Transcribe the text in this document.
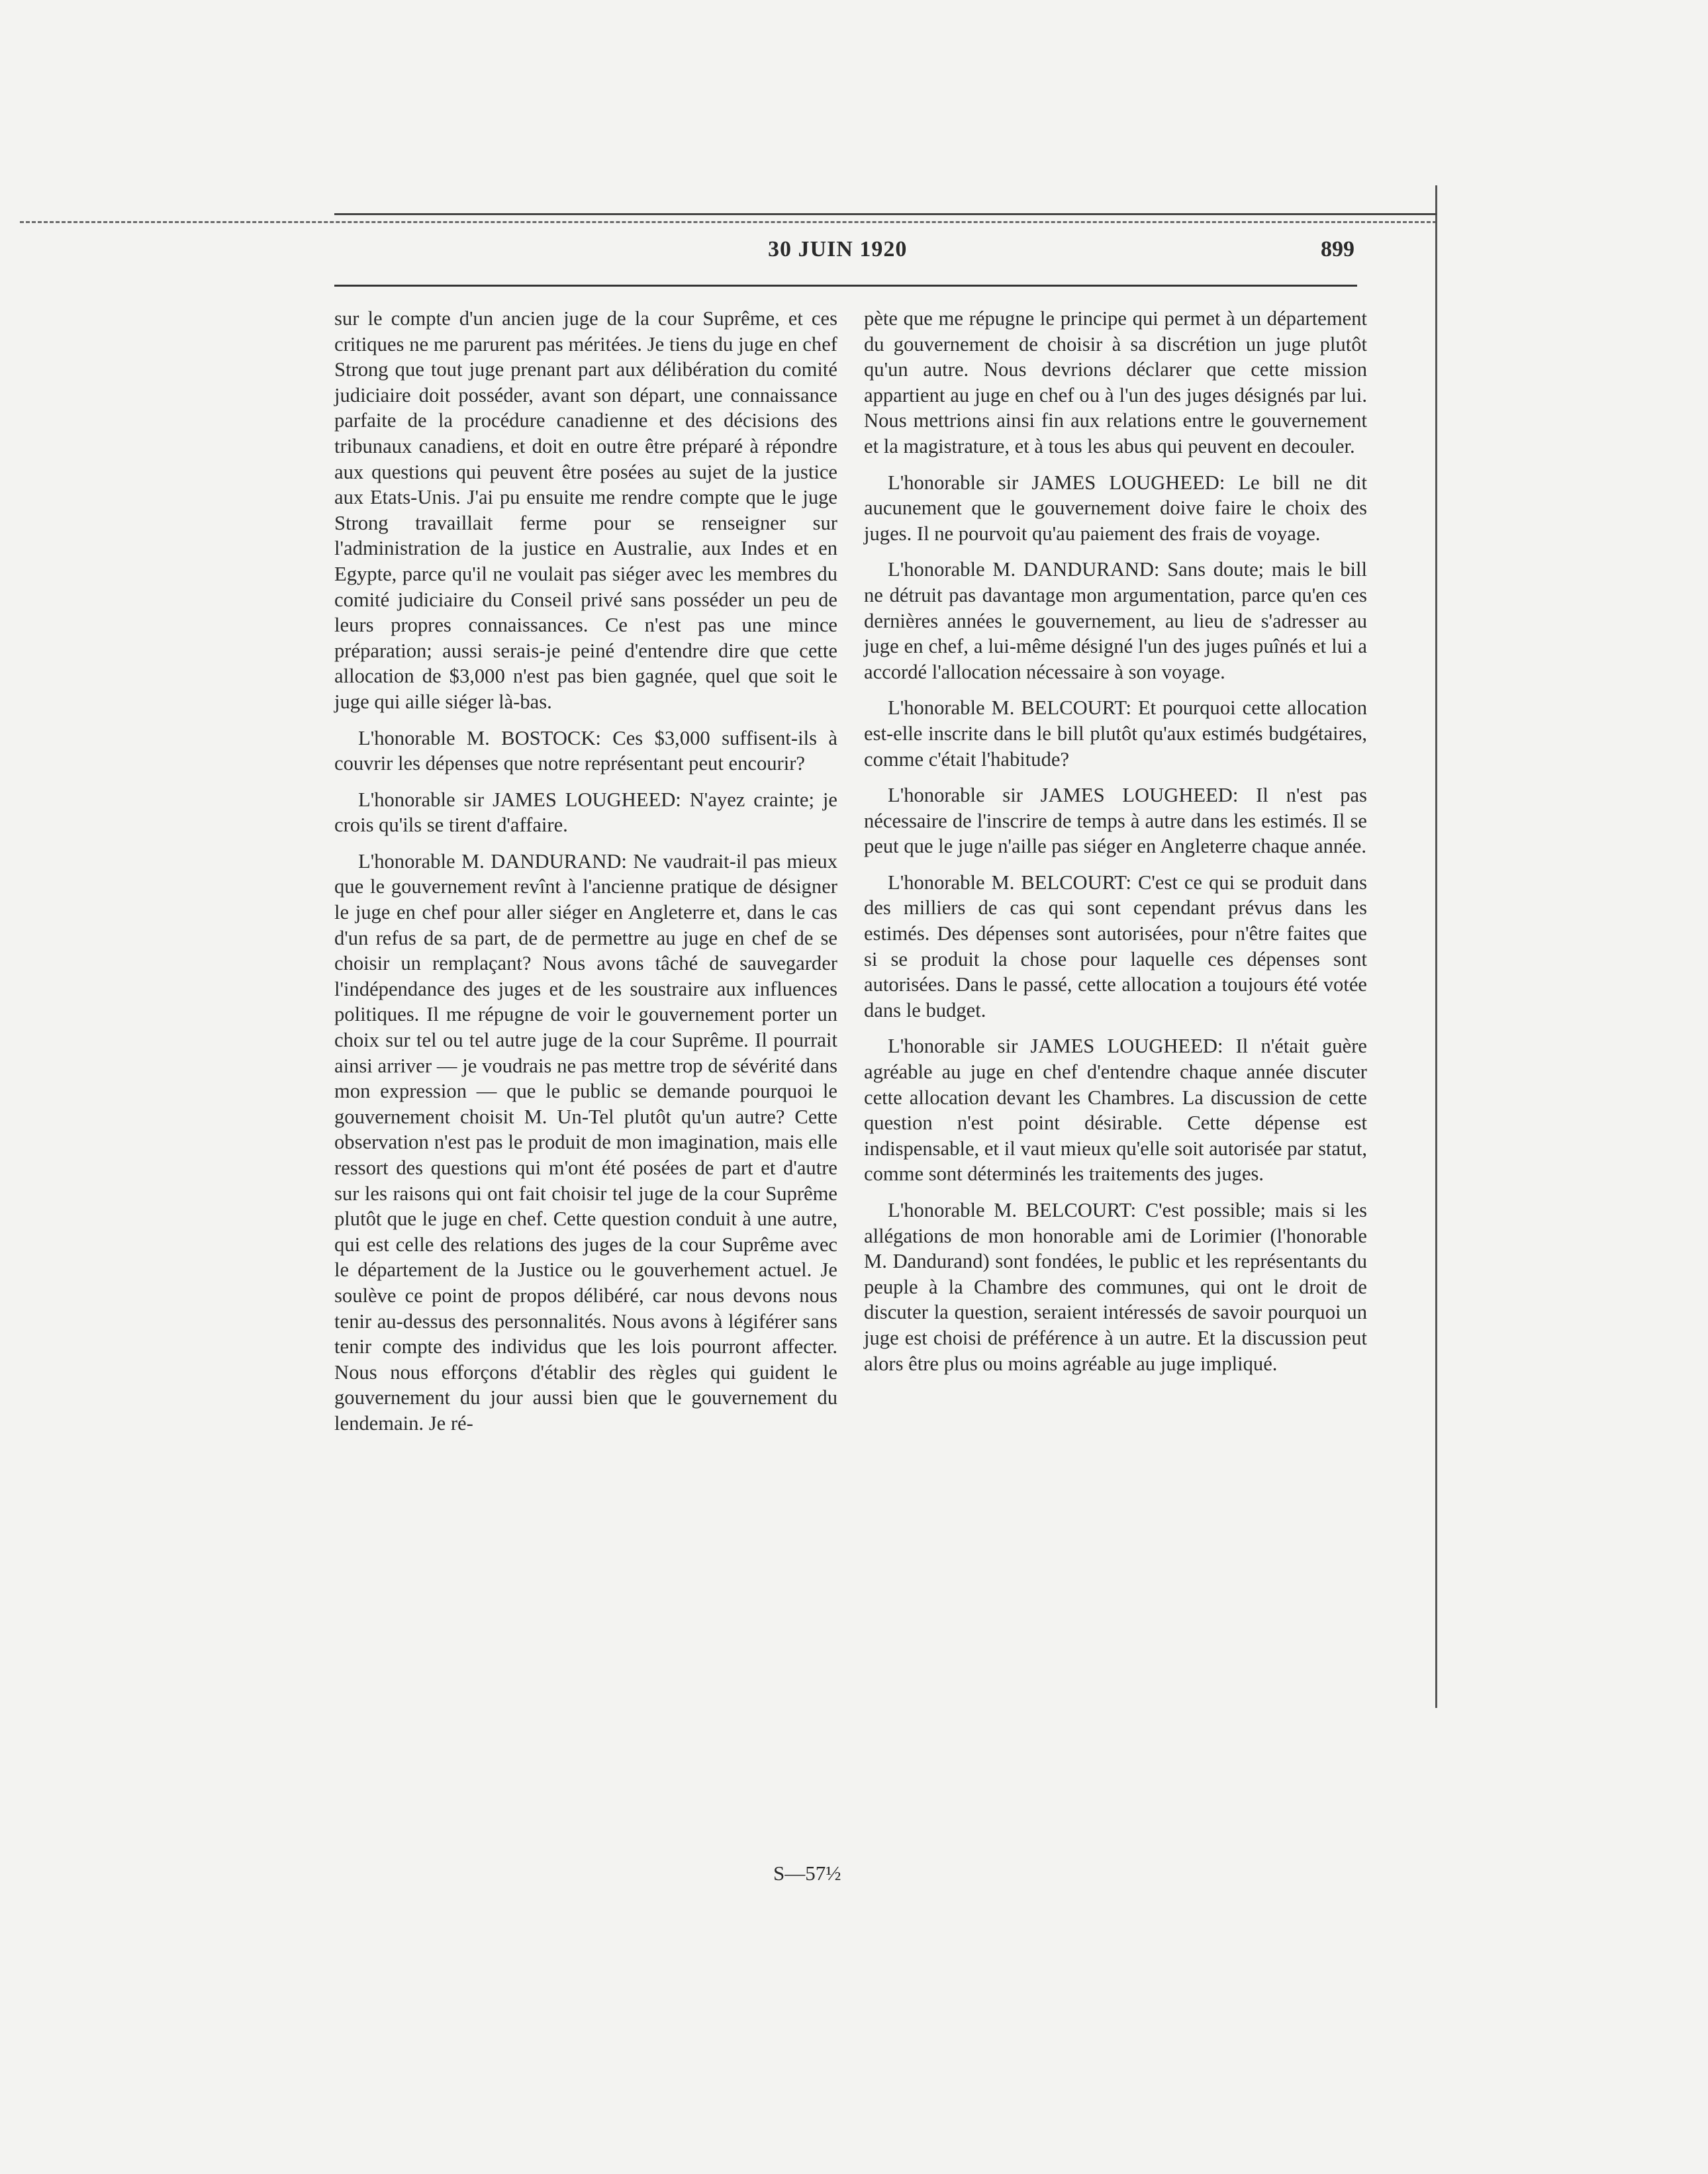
30 JUIN 1920	899

sur le compte d'un ancien juge de la cour Suprême, et ces critiques ne me parurent pas méritées. Je tiens du juge en chef Strong que tout juge prenant part aux délibération du comité judiciaire doit posséder, avant son départ, une connaissance parfaite de la procédure canadienne et des décisions des tribunaux canadiens, et doit en outre être préparé à répondre aux questions qui peuvent être posées au sujet de la justice aux Etats-Unis. J'ai pu ensuite me rendre compte que le juge Strong travaillait ferme pour se renseigner sur l'administration de la justice en Australie, aux Indes et en Egypte, parce qu'il ne voulait pas siéger avec les membres du comité judiciaire du Conseil privé sans posséder un peu de leurs propres connaissances. Ce n'est pas une mince préparation; aussi serais-je peiné d'entendre dire que cette allocation de $3,000 n'est pas bien gagnée, quel que soit le juge qui aille siéger là-bas.

L'honorable M. BOSTOCK: Ces $3,000 suffisent-ils à couvrir les dépenses que notre représentant peut encourir?

L'honorable sir JAMES LOUGHEED: N'ayez crainte; je crois qu'ils se tirent d'affaire.

L'honorable M. DANDURAND: Ne vaudrait-il pas mieux que le gouvernement revînt à l'ancienne pratique de désigner le juge en chef pour aller siéger en Angleterre et, dans le cas d'un refus de sa part, de de permettre au juge en chef de se choisir un remplaçant? Nous avons tâché de sauvegarder l'indépendance des juges et de les soustraire aux influences politiques. Il me répugne de voir le gouvernement porter un choix sur tel ou tel autre juge de la cour Suprême. Il pourrait ainsi arriver — je voudrais ne pas mettre trop de sévérité dans mon expression — que le public se demande pourquoi le gouvernement choisit M. Un-Tel plutôt qu'un autre? Cette observation n'est pas le produit de mon imagination, mais elle ressort des questions qui m'ont été posées de part et d'autre sur les raisons qui ont fait choisir tel juge de la cour Suprême plutôt que le juge en chef. Cette question conduit à une autre, qui est celle des relations des juges de la cour Suprême avec le département de la Justice ou le gouverhement actuel. Je soulève ce point de propos délibéré, car nous devons nous tenir au-dessus des personnalités. Nous avons à légiférer sans tenir compte des individus que les lois pourront affecter. Nous nous efforçons d'établir des règles qui guident le gouvernement du jour aussi bien que le gouvernement du lendemain. Je ré-

S—57½

pète que me répugne le principe qui permet à un département du gouvernement de choisir à sa discrétion un juge plutôt qu'un autre. Nous devrions déclarer que cette mission appartient au juge en chef ou à l'un des juges désignés par lui. Nous mettrions ainsi fin aux relations entre le gouvernement et la magistrature, et à tous les abus qui peuvent en decouler.

L'honorable sir JAMES LOUGHEED: Le bill ne dit aucunement que le gouvernement doive faire le choix des juges. Il ne pourvoit qu'au paiement des frais de voyage.

L'honorable M. DANDURAND: Sans doute; mais le bill ne détruit pas davantage mon argumentation, parce qu'en ces dernières années le gouvernement, au lieu de s'adresser au juge en chef, a lui-même désigné l'un des juges puînés et lui a accordé l'allocation nécessaire à son voyage.

L'honorable M. BELCOURT: Et pourquoi cette allocation est-elle inscrite dans le bill plutôt qu'aux estimés budgétaires, comme c'était l'habitude?

L'honorable sir JAMES LOUGHEED: Il n'est pas nécessaire de l'inscrire de temps à autre dans les estimés. Il se peut que le juge n'aille pas siéger en Angleterre chaque année.

L'honorable M. BELCOURT: C'est ce qui se produit dans des milliers de cas qui sont cependant prévus dans les estimés. Des dépenses sont autorisées, pour n'être faites que si se produit la chose pour laquelle ces dépenses sont autorisées. Dans le passé, cette allocation a toujours été votée dans le budget.

L'honorable sir JAMES LOUGHEED: Il n'était guère agréable au juge en chef d'entendre chaque année discuter cette allocation devant les Chambres. La discussion de cette question n'est point désirable. Cette dépense est indispensable, et il vaut mieux qu'elle soit autorisée par statut, comme sont déterminés les traitements des juges.

L'honorable M. BELCOURT: C'est possible; mais si les allégations de mon honorable ami de Lorimier (l'honorable M. Dandurand) sont fondées, le public et les représentants du peuple à la Chambre des communes, qui ont le droit de discuter la question, seraient intéressés de savoir pourquoi un juge est choisi de préférence à un autre. Et la discussion peut alors être plus ou moins agréable au juge impliqué.
